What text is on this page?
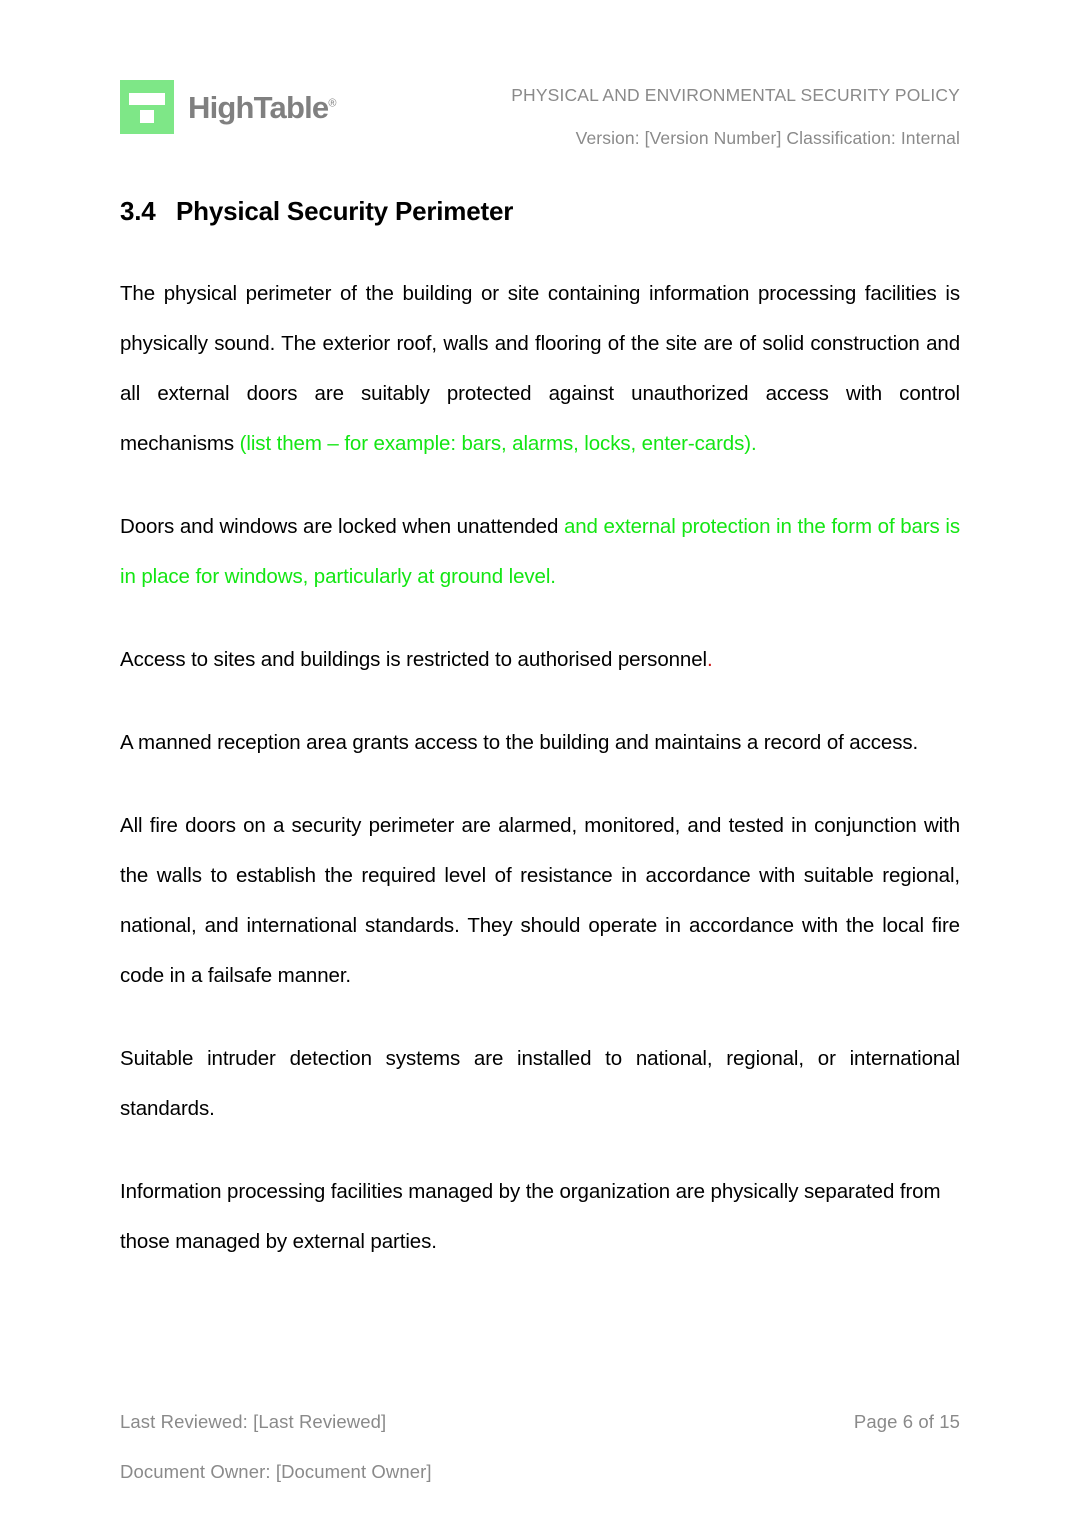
HighTable®	PHYSICAL AND ENVIRONMENTAL SECURITY POLICY
Version: [Version Number] Classification: Internal
3.4 Physical Security Perimeter

The physical perimeter of the building or site containing information processing facilities is physically sound. The exterior roof, walls and flooring of the site are of solid construction and all external doors are suitably protected against unauthorized access with control mechanisms (list them – for example: bars, alarms, locks, enter-cards).

Doors and windows are locked when unattended and external protection in the form of bars is in place for windows, particularly at ground level.

Access to sites and buildings is restricted to authorised personnel.

A manned reception area grants access to the building and maintains a record of access.

All fire doors on a security perimeter are alarmed, monitored, and tested in conjunction with the walls to establish the required level of resistance in accordance with suitable regional, national, and international standards. They should operate in accordance with the local fire code in a failsafe manner.

Suitable intruder detection systems are installed to national, regional, or international standards.

Information processing facilities managed by the organization are physically separated from those managed by external parties.

Last Reviewed: [Last Reviewed]	Page 6 of 15
Document Owner: [Document Owner]
